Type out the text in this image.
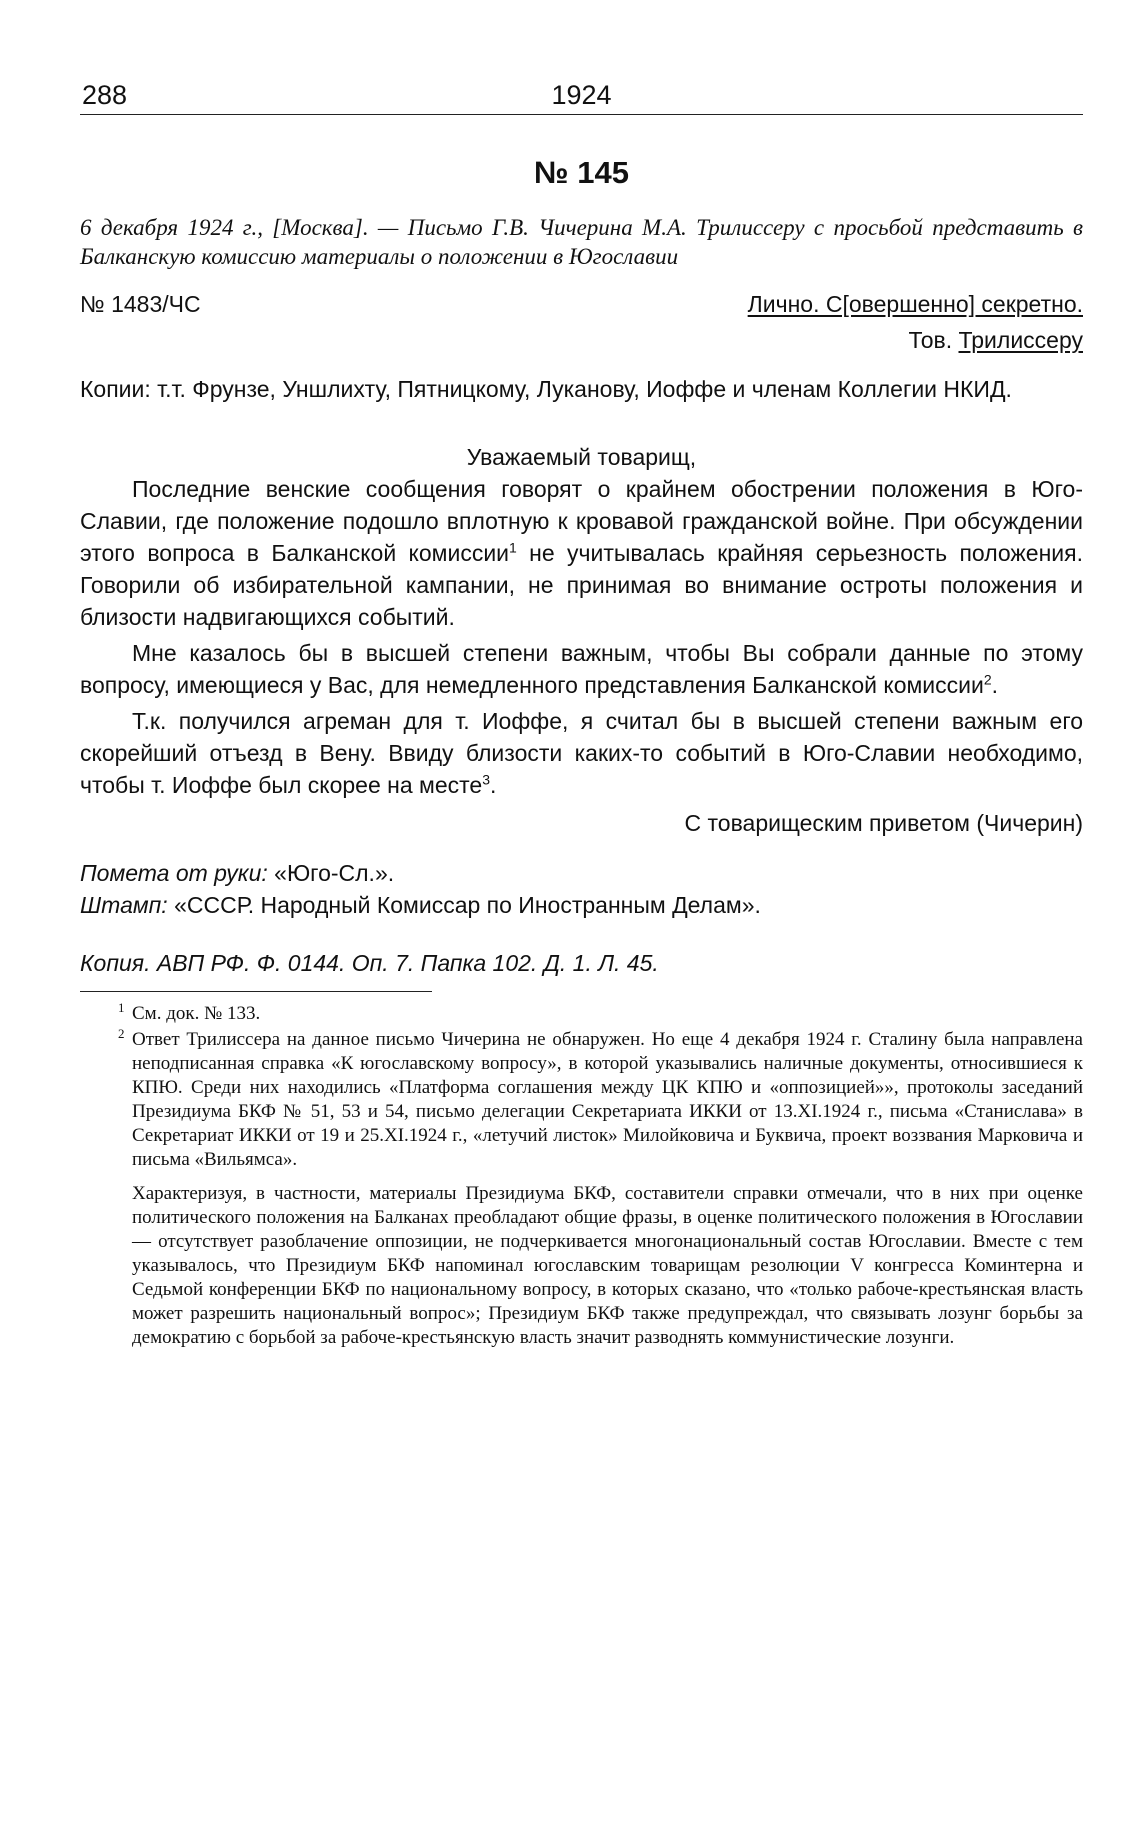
288	1924
№ 145
6 декабря 1924 г., [Москва]. — Письмо Г.В. Чичерина М.А. Трилиссеру с просьбой представить в Балканскую комиссию материалы о положении в Югославии
№ 1483/ЧС	Лично. С[овершенно] секретно.
Тов. Трилиссеру
Копии: т.т. Фрунзе, Уншлихту, Пятницкому, Луканову, Иоффе и членам Коллегии НКИД.
Уважаемый товарищ,

Последние венские сообщения говорят о крайнем обострении положения в Юго-Славии, где положение подошло вплотную к кровавой гражданской войне. При обсуждении этого вопроса в Балканской комиссии$^1$ не учитывалась крайняя серьезность положения. Говорили об избирательной кампании, не принимая во внимание остроты положения и близости надвигающихся событий.

Мне казалось бы в высшей степени важным, чтобы Вы собрали данные по этому вопросу, имеющиеся у Вас, для немедленного представления Балканской комиссии$^2$.

Т.к. получился агреман для т. Иоффе, я считал бы в высшей степени важным его скорейший отъезд в Вену. Ввиду близости каких-то событий в Юго-Славии необходимо, чтобы т. Иоффе был скорее на месте$^3$.

С товарищеским приветом (Чичерин)
Помета от руки: «Юго-Сл.».
Штамп: «СССР. Народный Комиссар по Иностранным Делам».
Копия. АВП РФ. Ф. 0144. Оп. 7. Папка 102. Д. 1. Л. 45.
1 См. док. № 133.
2 Ответ Трилиссера на данное письмо Чичерина не обнаружен. Но еще 4 декабря 1924 г. Сталину была направлена неподписанная справка «К югославскому вопросу», в которой указывались наличные документы, относившиеся к КПЮ. Среди них находились «Платформа соглашения между ЦК КПЮ и «оппозицией»», протоколы заседаний Президиума БКФ № 51, 53 и 54, письмо делегации Секретариата ИККИ от 13.XI.1924 г., письма «Станислава» в Секретариат ИККИ от 19 и 25.XI.1924 г., «летучий листок» Милойковича и Буквича, проект воззвания Марковича и письма «Вильямса».
Характеризуя, в частности, материалы Президиума БКФ, составители справки отмечали, что в них при оценке политического положения на Балканах преобладают общие фразы, в оценке политического положения в Югославии — отсутствует разоблачение оппозиции, не подчеркивается многонациональный состав Югославии. Вместе с тем указывалось, что Президиум БКФ напоминал югославским товарищам резолюции V конгресса Коминтерна и Седьмой конференции БКФ по национальному вопросу, в которых сказано, что «только рабоче-крестьянская власть может разрешить национальный вопрос»; Президиум БКФ также предупреждал, что связывать лозунг борьбы за демократию с борьбой за рабоче-крестьянскую власть значит разводнять коммунистические лозунги.
